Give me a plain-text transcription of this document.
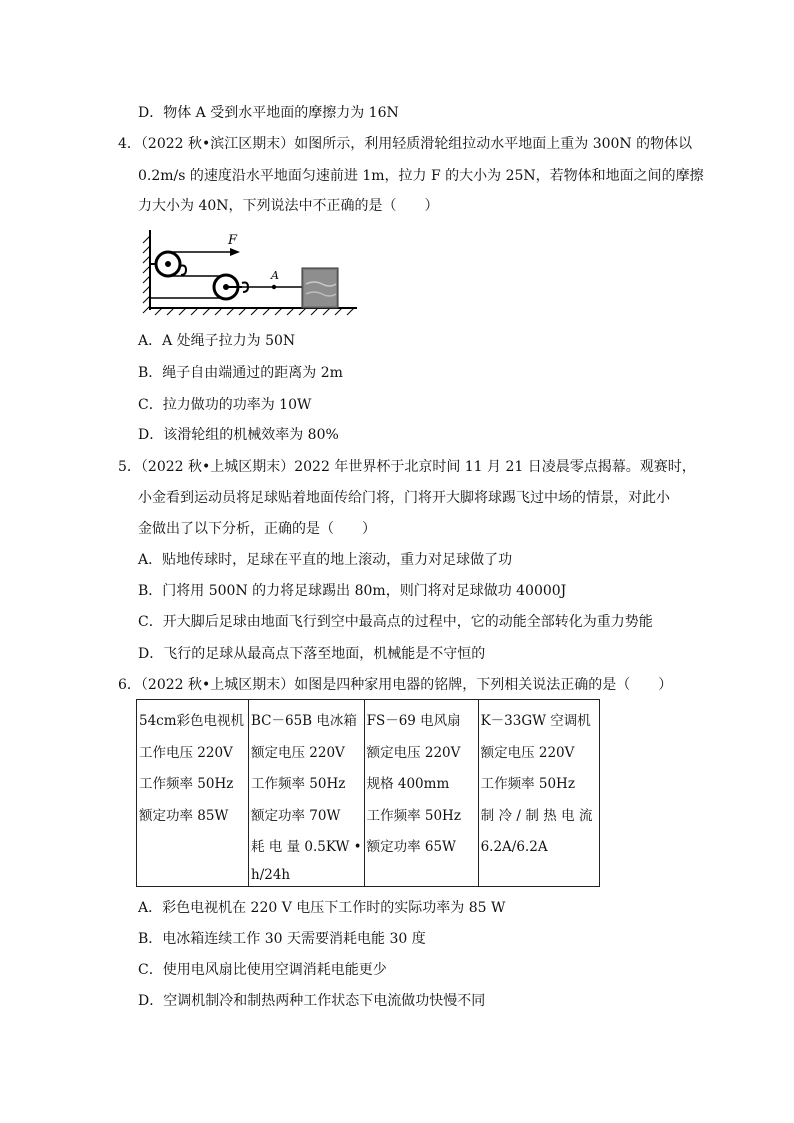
D．物体 A 受到水平地面的摩擦力为 16N
4．（2022 秋•滨江区期末）如图所示，利用轻质滑轮组拉动水平地面上重为 300N 的物体以
0.2m/s 的速度沿水平地面匀速前进 1m，拉力 F 的大小为 25N，若物体和地面之间的摩擦
力大小为 40N，下列说法中不正确的是（　　）
F
A
A．A 处绳子拉力为 50N
B．绳子自由端通过的距离为 2m
C．拉力做功的功率为 10W
D．该滑轮组的机械效率为 80%
5．（2022 秋•上城区期末）2022 年世界杯于北京时间 11 月 21 日凌晨零点揭幕。观赛时，
小金看到运动员将足球贴着地面传给门将，门将开大脚将球踢飞过中场的情景，对此小
金做出了以下分析，正确的是（　　）
A．贴地传球时，足球在平直的地上滚动，重力对足球做了功
B．门将用 500N 的力将足球踢出 80m，则门将对足球做功 40000J
C．开大脚后足球由地面飞行到空中最高点的过程中，它的动能全部转化为重力势能
D．飞行的足球从最高点下落至地面，机械能是不守恒的
6．（2022 秋•上城区期末）如图是四种家用电器的铭牌，下列相关说法正确的是（　　）
54cm彩色电视机
工作电压 220V
工作频率 50Hz
额定功率 85W

BC－65B 电冰箱
额定电压 220V
工作频率 50Hz
额定功率 70W
耗 电 量 0.5KW •
h/24h

FS－69 电风扇
额定电压 220V
规格 400mm
工作频率 50Hz
额定功率 65W

K－33GW 空调机
额定电压 220V
工作频率 50Hz
制冷/制热电流
6.2A/6.2A
A．彩色电视机在 220 V 电压下工作时的实际功率为 85 W
B．电冰箱连续工作 30 天需要消耗电能 30 度
C．使用电风扇比使用空调消耗电能更少
D．空调机制冷和制热两种工作状态下电流做功快慢不同
